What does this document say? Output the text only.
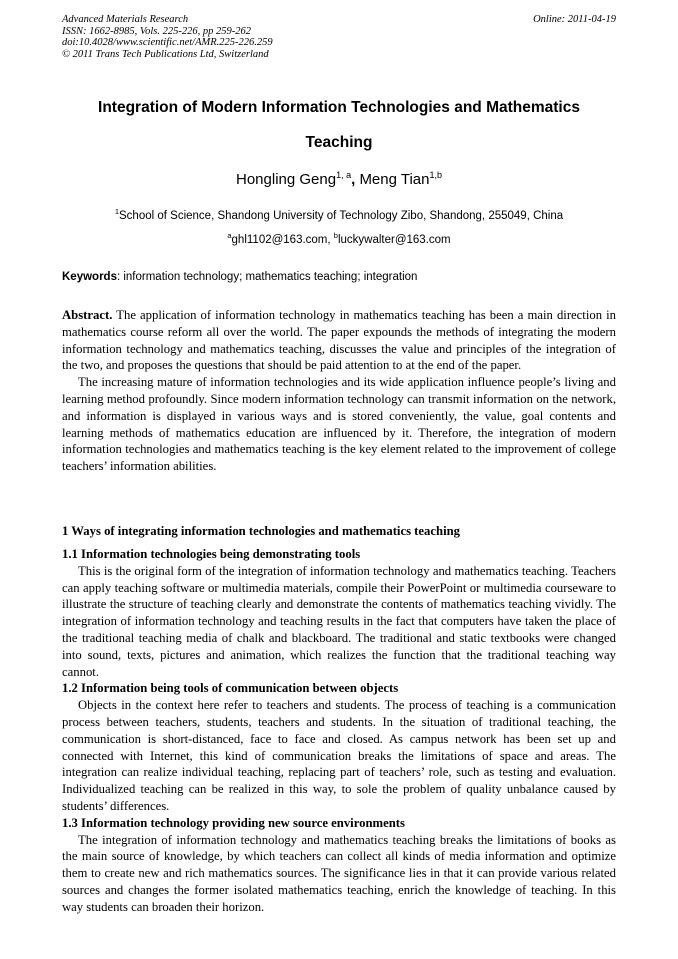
Advanced Materials Research
ISSN: 1662-8985, Vols. 225-226, pp 259-262
doi:10.4028/www.scientific.net/AMR.225-226.259
© 2011 Trans Tech Publications Ltd, Switzerland
Online: 2011-04-19
Integration of Modern Information Technologies and Mathematics
Teaching
Hongling Geng$^{1, a}$, Meng Tian$^{1,b}$
$^1$School of Science, Shandong University of Technology Zibo, Shandong, 255049, China
$^a$ghl1102@163.com, $^b$luckywalter@163.com
Keywords: information technology; mathematics teaching; integration

Abstract. The application of information technology in mathematics teaching has been a main direction in mathematics course reform all over the world. The paper expounds the methods of integrating the modern information technology and mathematics teaching, discusses the value and principles of the integration of the two, and proposes the questions that should be paid attention to at the end of the paper.

The increasing mature of information technologies and its wide application influence people’s living and learning method profoundly. Since modern information technology can transmit information on the network, and information is displayed in various ways and is stored conveniently, the value, goal contents and learning methods of mathematics education are influenced by it. Therefore, the integration of modern information technologies and mathematics teaching is the key element related to the improvement of college teachers’ information abilities.

1 Ways of integrating information technologies and mathematics teaching
1.1 Information technologies being demonstrating tools

This is the original form of the integration of information technology and mathematics teaching. Teachers can apply teaching software or multimedia materials, compile their PowerPoint or multimedia courseware to illustrate the structure of teaching clearly and demonstrate the contents of mathematics teaching vividly. The integration of information technology and teaching results in the fact that computers have taken the place of the traditional teaching media of chalk and blackboard. The traditional and static textbooks were changed into sound, texts, pictures and animation, which realizes the function that the traditional teaching way cannot.

1.2 Information being tools of communication between objects

Objects in the context here refer to teachers and students. The process of teaching is a communication process between teachers, students, teachers and students. In the situation of traditional teaching, the communication is short-distanced, face to face and closed. As campus network has been set up and connected with Internet, this kind of communication breaks the limitations of space and areas. The integration can realize individual teaching, replacing part of teachers’ role, such as testing and evaluation. Individualized teaching can be realized in this way, to sole the problem of quality unbalance caused by students’ differences.

1.3 Information technology providing new source environments

The integration of information technology and mathematics teaching breaks the limitations of books as the main source of knowledge, by which teachers can collect all kinds of media information and optimize them to create new and rich mathematics sources. The significance lies in that it can provide various related sources and changes the former isolated mathematics teaching, enrich the knowledge of teaching. In this way students can broaden their horizon.
